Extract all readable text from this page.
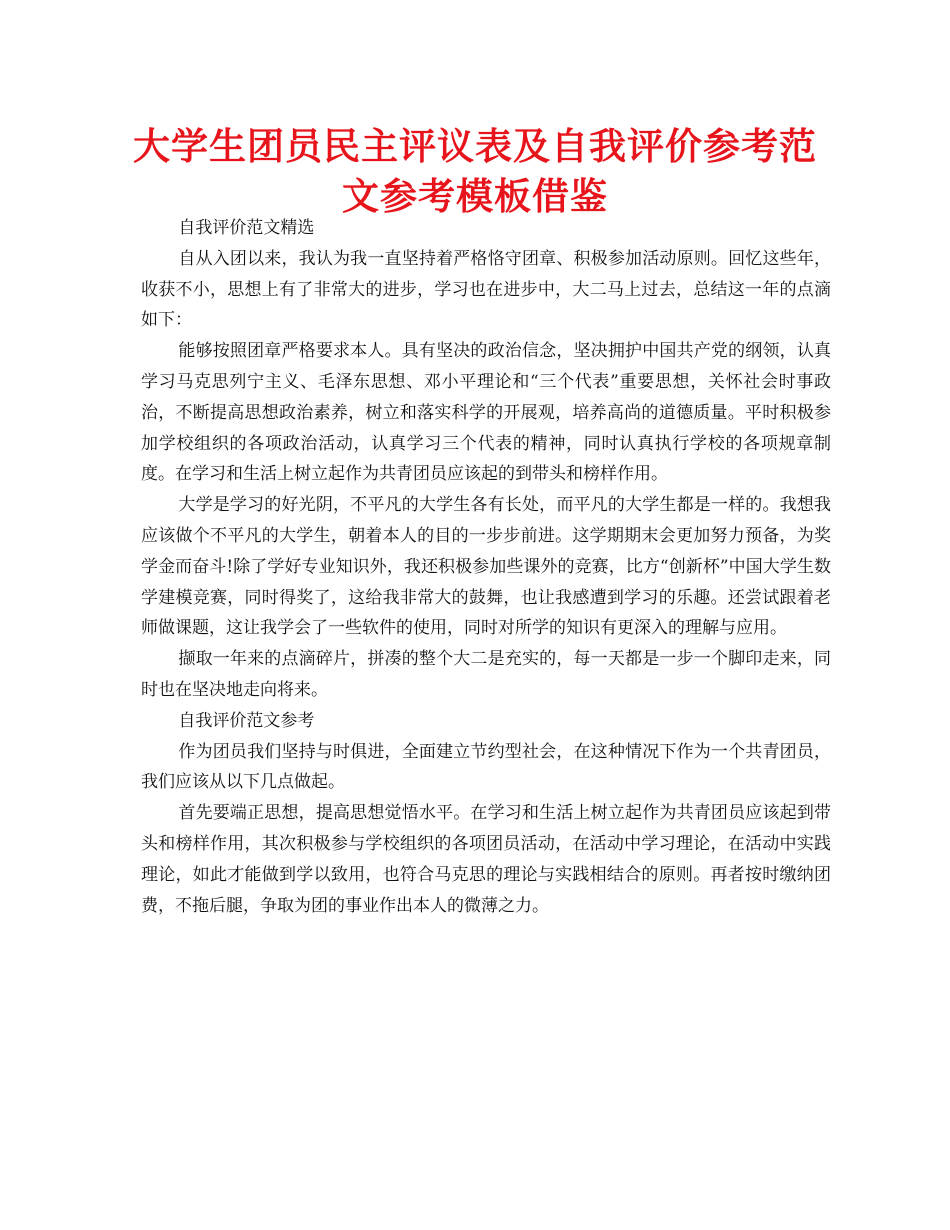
大学生团员民主评议表及自我评价参考范文参考模板借鉴

自我评价范文精选

自从入团以来，我认为我一直坚持着严格恪守团章、积极参加活动原则。回忆这些年，收获不小，思想上有了非常大的进步，学习也在进步中，大二马上过去，总结这一年的点滴如下：

能够按照团章严格要求本人。具有坚决的政治信念，坚决拥护中国共产党的纲领，认真学习马克思列宁主义、毛泽东思想、邓小平理论和“三个代表”重要思想，关怀社会时事政治，不断提高思想政治素养，树立和落实科学的开展观，培养高尚的道德质量。平时积极参加学校组织的各项政治活动，认真学习三个代表的精神，同时认真执行学校的各项规章制度。在学习和生活上树立起作为共青团员应该起的到带头和榜样作用。

大学是学习的好光阴，不平凡的大学生各有长处，而平凡的大学生都是一样的。我想我应该做个不平凡的大学生，朝着本人的目的一步步前进。这学期期末会更加努力预备，为奖学金而奋斗!除了学好专业知识外，我还积极参加些课外的竞赛，比方“创新杯”中国大学生数学建模竞赛，同时得奖了，这给我非常大的鼓舞，也让我感遭到学习的乐趣。还尝试跟着老师做课题，这让我学会了一些软件的使用，同时对所学的知识有更深入的理解与应用。

撷取一年来的点滴碎片，拼凑的整个大二是充实的，每一天都是一步一个脚印走来，同时也在坚决地走向将来。

自我评价范文参考

作为团员我们坚持与时俱进，全面建立节约型社会，在这种情况下作为一个共青团员，我们应该从以下几点做起。

首先要端正思想，提高思想觉悟水平。在学习和生活上树立起作为共青团员应该起到带头和榜样作用，其次积极参与学校组织的各项团员活动，在活动中学习理论，在活动中实践理论，如此才能做到学以致用，也符合马克思的理论与实践相结合的原则。再者按时缴纳团费，不拖后腿，争取为团的事业作出本人的微薄之力。
